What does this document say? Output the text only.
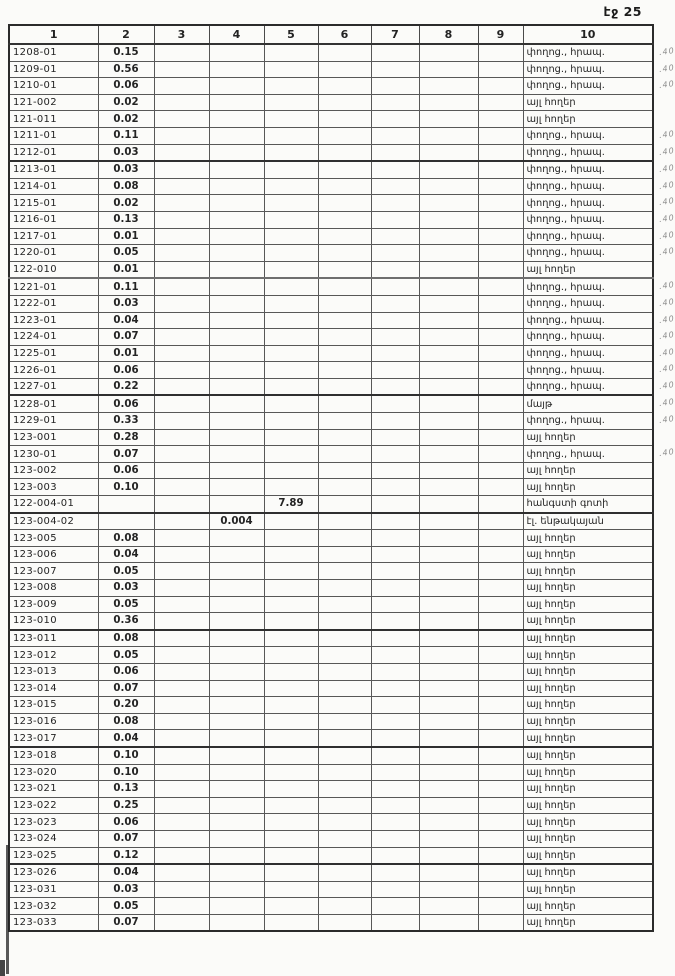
էջ 25
1	2	3	4	5	6	7	8	9	10
1208-01	0.15								փողոց., հրապ. .40

1209-01	0.56								փողոց., հրապ. .40

1210-01	0.06								փողոց., հրապ. .40

121-002	0.02								այլ հողեր
121-011	0.02								այլ հողեր
1211-01	0.11								փողոց., հրապ. .40

1212-01	0.03								փողոց., հրապ. .40

1213-01	0.03								փողոց., հրապ. .40

1214-01	0.08								փողոց., հրապ. .40

1215-01	0.02								փողոց., հրապ. .40

1216-01	0.13								փողոց., հրապ. .40

1217-01	0.01								փողոց., հրապ. .40

1220-01	0.05								փողոց., հրապ. .40

122-010	0.01								այլ հողեր
1221-01	0.11								փողոց., հրապ. .40

1222-01	0.03								փողոց., հրապ. .40

1223-01	0.04								փողոց., հրապ. .40

1224-01	0.07								փողոց., հրապ. .40

1225-01	0.01								փողոց., հրապ. .40

1226-01	0.06								փողոց., հրապ. .40

1227-01	0.22								փողոց., հրապ. .40

1228-01	0.06								մայթ .40

1229-01	0.33								փողոց., հրապ. .40

123-001	0.28								այլ հողեր
1230-01	0.07								փողոց., հրապ. .40

123-002	0.06								այլ հողեր
123-003	0.10								այլ հողեր
122-004-01				7.89					հանգստի գոտի
123-004-02			0.004						էլ. ենթակայան
123-005	0.08								այլ հողեր
123-006	0.04								այլ հողեր
123-007	0.05								այլ հողեր
123-008	0.03								այլ հողեր
123-009	0.05								այլ հողեր
123-010	0.36								այլ հողեր
123-011	0.08								այլ հողեր
123-012	0.05								այլ հողեր
123-013	0.06								այլ հողեր
123-014	0.07								այլ հողեր
123-015	0.20								այլ հողեր
123-016	0.08								այլ հողեր
123-017	0.04								այլ հողեր
123-018	0.10								այլ հողեր
123-020	0.10								այլ հողեր
123-021	0.13								այլ հողեր
123-022	0.25								այլ հողեր
123-023	0.06								այլ հողեր
123-024	0.07								այլ հողեր
123-025	0.12								այլ հողեր
123-026	0.04								այլ հողեր
123-031	0.03								այլ հողեր
123-032	0.05								այլ հողեր
123-033	0.07								այլ հողեր
